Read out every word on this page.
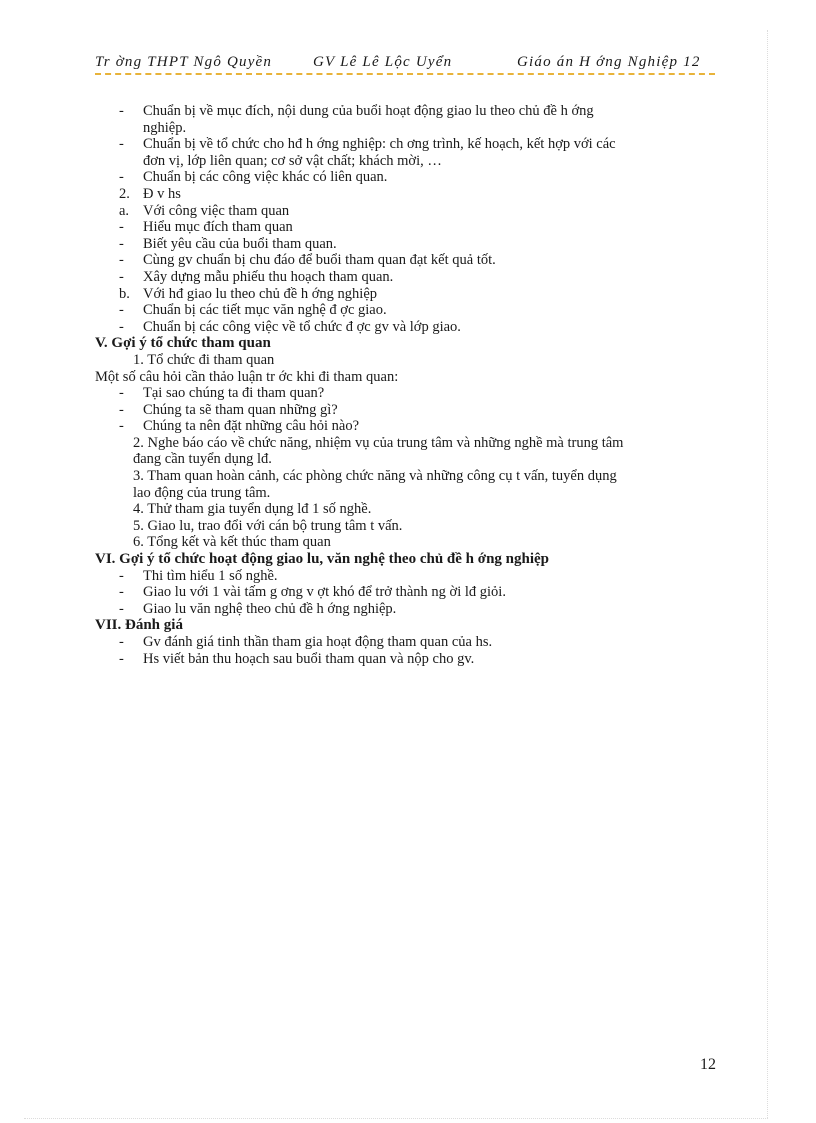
Tr ờng THPT Ngô Quyền	GV Lê Lê Lộc Uyển	Giáo án H ớng Nghiệp 12
- Chuẩn bị về mục đích, nội dung của buổi hoạt động giao lu theo chủ đề h ớng
nghiệp.
- Chuẩn bị về tổ chức cho hđ h ớng nghiệp: ch ơng trình, kế hoạch, kết hợp với các
đơn vị, lớp liên quan; cơ sở vật chất; khách mời, …
- Chuẩn bị các công việc khác có liên quan.
2. Đ v hs
a. Với công việc tham quan
- Hiểu mục đích tham quan
- Biết yêu cầu của buổi tham quan.
- Cùng gv chuẩn bị chu đáo để buổi tham quan đạt kết quả tốt.
- Xây dựng mẫu phiếu thu hoạch tham quan.
b. Với hđ giao lu theo chủ đề h ớng nghiệp
- Chuẩn bị các tiết mục văn nghệ đ ợc giao.
- Chuẩn bị các công việc về tổ chức đ ợc gv và lớp giao.
V. Gợi ý tổ chức tham quan
1. Tổ chức đi tham quan
Một số câu hỏi cần thảo luận tr ớc khi đi tham quan:
- Tại sao chúng ta đi tham quan?
- Chúng ta sẽ tham quan những gì?
- Chúng ta nên đặt những câu hỏi nào?
2. Nghe báo cáo về chức năng, nhiệm vụ của trung tâm và những nghề mà trung tâm
đang cần tuyển dụng lđ.
3. Tham quan hoàn cảnh, các phòng chức năng và những công cụ t vấn, tuyển dụng
lao động của trung tâm.
4. Thử tham gia tuyển dụng lđ 1 số nghề.
5. Giao lu, trao đổi với cán bộ trung tâm t vấn.
6. Tổng kết và kết thúc tham quan
VI. Gợi ý tổ chức hoạt động giao lu, văn nghệ theo chủ đề h ớng nghiệp
- Thi tìm hiểu 1 số nghề.
- Giao lu với 1 vài tấm g ơng v ợt khó để trở thành ng ời lđ giỏi.
- Giao lu văn nghệ theo chủ đề h ớng nghiệp.
VII. Đánh giá
- Gv đánh giá tinh thần tham gia hoạt động tham quan của hs.
- Hs viết bản thu hoạch sau buổi tham quan và nộp cho gv.
12
